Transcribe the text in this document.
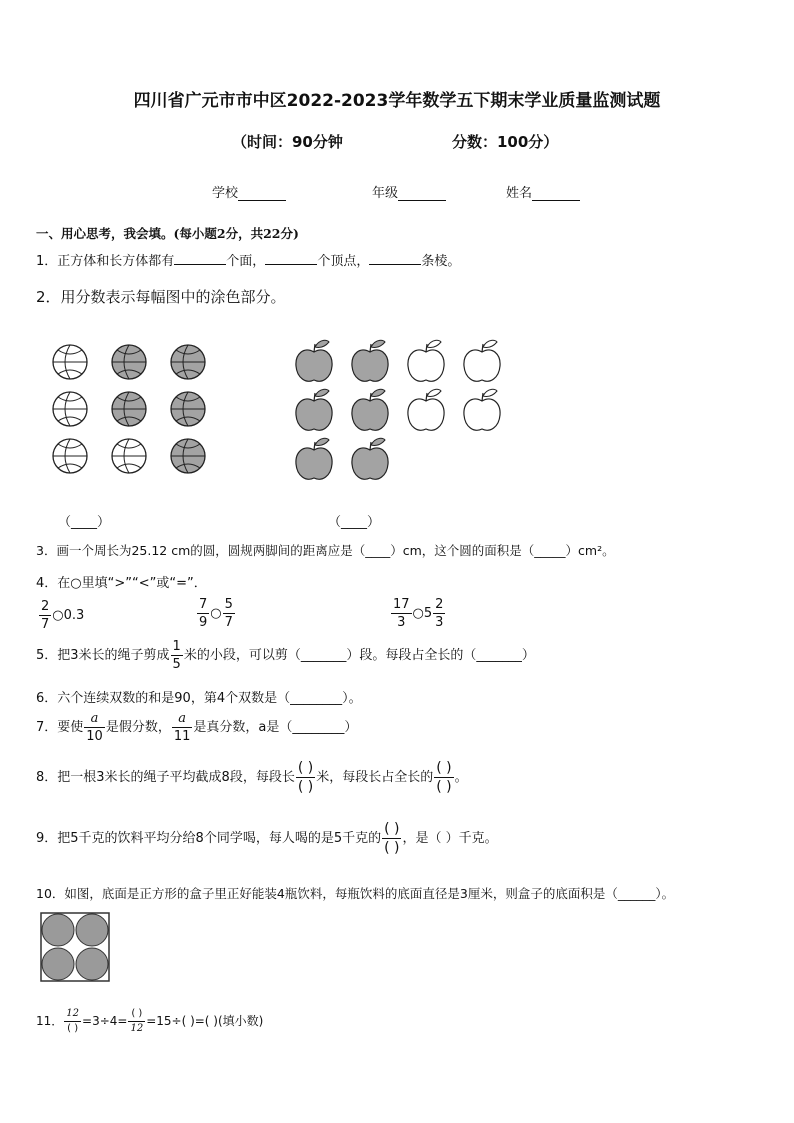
四川省广元市市中区2022-2023学年数学五下期末学业质量监测试题
（时间：90分钟	分数：100分）
学校	年级	姓名
一、用心思考，我会填。(每小题2分，共22分)
1．正方体和长方体都有	个面，	个顶点，	条棱。
2．用分数表示每幅图中的涂色部分。
（____）	（____）
3．画一个周长为25.12 cm的圆，圆规两脚间的距离应是（____）cm，这个圆的面积是（_____）cm²。
4．在○里填“>”“<”或“=”．
$\frac{2}{7}$ ○0.3	$\frac{7}{9}$ ○ $\frac{5}{7}$	$\frac{17}{3}$ ○5 $\frac{2}{3}$
5．把3米长的绳子剪成 $\frac{1}{5}$ 米的小段，可以剪（_______）段。每段占全长的（_______）
6．六个连续双数的和是90，第4个双数是（________）。
7．要使 $\frac{a}{10}$ 是假分数， $\frac{a}{11}$ 是真分数，a是（________）
8．把一根3米长的绳子平均截成8段，每段长 $\frac{( )}{( )}$ 米，每段长占全长的 $\frac{( )}{( )}$ 。
9．把5千克的饮料平均分给8个同学喝，每人喝的是5千克的 $\frac{( )}{( )}$ ，是（ ）千克。
10．如图，底面是正方形的盒子里正好能装4瓶饮料，每瓶饮料的底面直径是3厘米，则盒子的底面积是（______）。
11． $\frac{12}{( )} =3\div 4= \frac{( )}{12} =15\div$( )=( )(填小数)
